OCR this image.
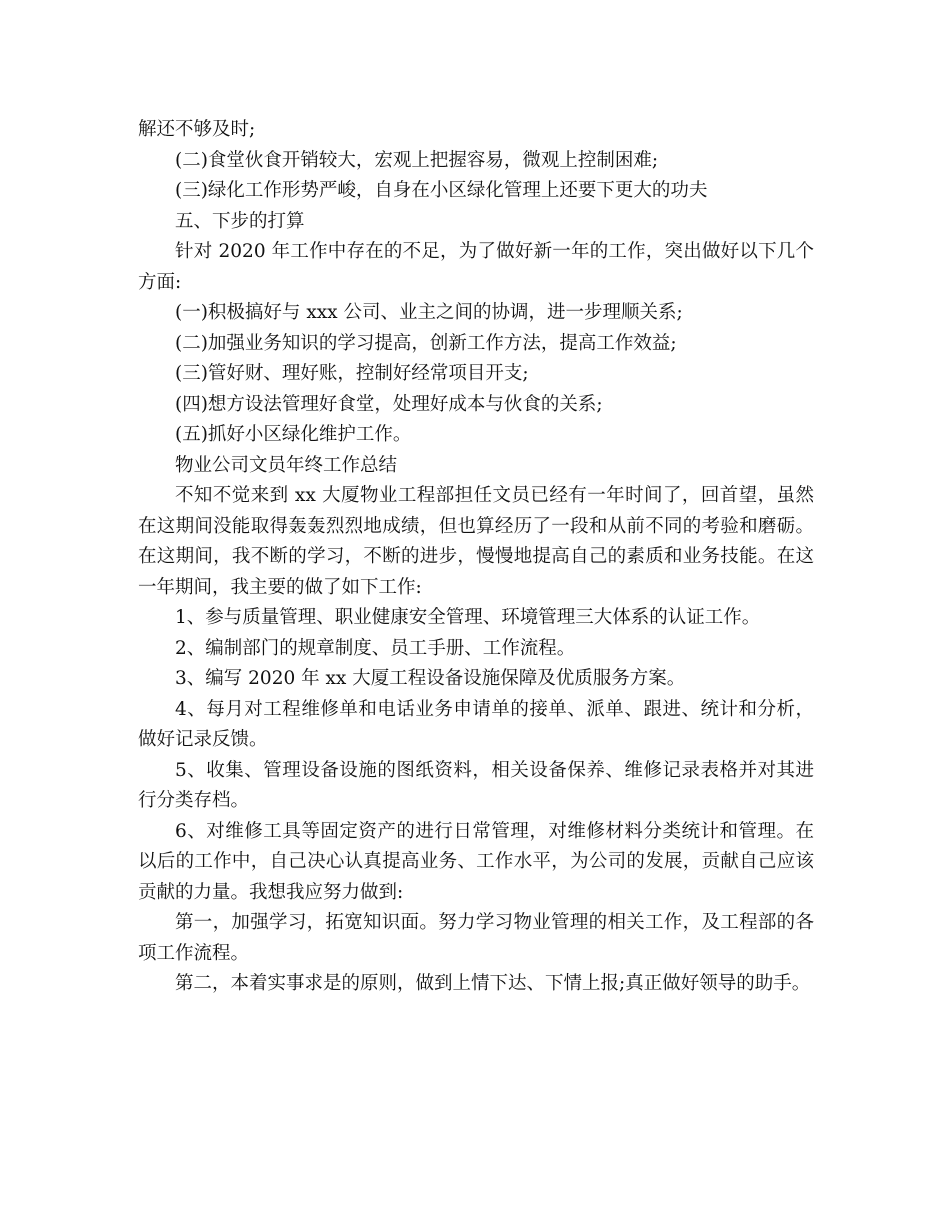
解还不够及时;

(二)食堂伙食开销较大，宏观上把握容易，微观上控制困难;

(三)绿化工作形势严峻，自身在小区绿化管理上还要下更大的功夫

五、下步的打算

针对 2020 年工作中存在的不足，为了做好新一年的工作，突出做好以下几个方面:

(一)积极搞好与 xxx 公司、业主之间的协调，进一步理顺关系;

(二)加强业务知识的学习提高，创新工作方法，提高工作效益;

(三)管好财、理好账，控制好经常项目开支;

(四)想方设法管理好食堂，处理好成本与伙食的关系;

(五)抓好小区绿化维护工作。

物业公司文员年终工作总结

不知不觉来到 xx 大厦物业工程部担任文员已经有一年时间了，回首望，虽然在这期间没能取得轰轰烈烈地成绩，但也算经历了一段和从前不同的考验和磨砺。在这期间，我不断的学习，不断的进步，慢慢地提高自己的素质和业务技能。在这一年期间，我主要的做了如下工作:

1、参与质量管理、职业健康安全管理、环境管理三大体系的认证工作。

2、编制部门的规章制度、员工手册、工作流程。

3、编写 2020 年 xx 大厦工程设备设施保障及优质服务方案。

4、每月对工程维修单和电话业务申请单的接单、派单、跟进、统计和分析，做好记录反馈。

5、收集、管理设备设施的图纸资料，相关设备保养、维修记录表格并对其进行分类存档。

6、对维修工具等固定资产的进行日常管理，对维修材料分类统计和管理。在以后的工作中，自己决心认真提高业务、工作水平，为公司的发展，贡献自己应该贡献的力量。我想我应努力做到:

第一，加强学习，拓宽知识面。努力学习物业管理的相关工作，及工程部的各项工作流程。

第二，本着实事求是的原则，做到上情下达、下情上报;真正做好领导的助手。
